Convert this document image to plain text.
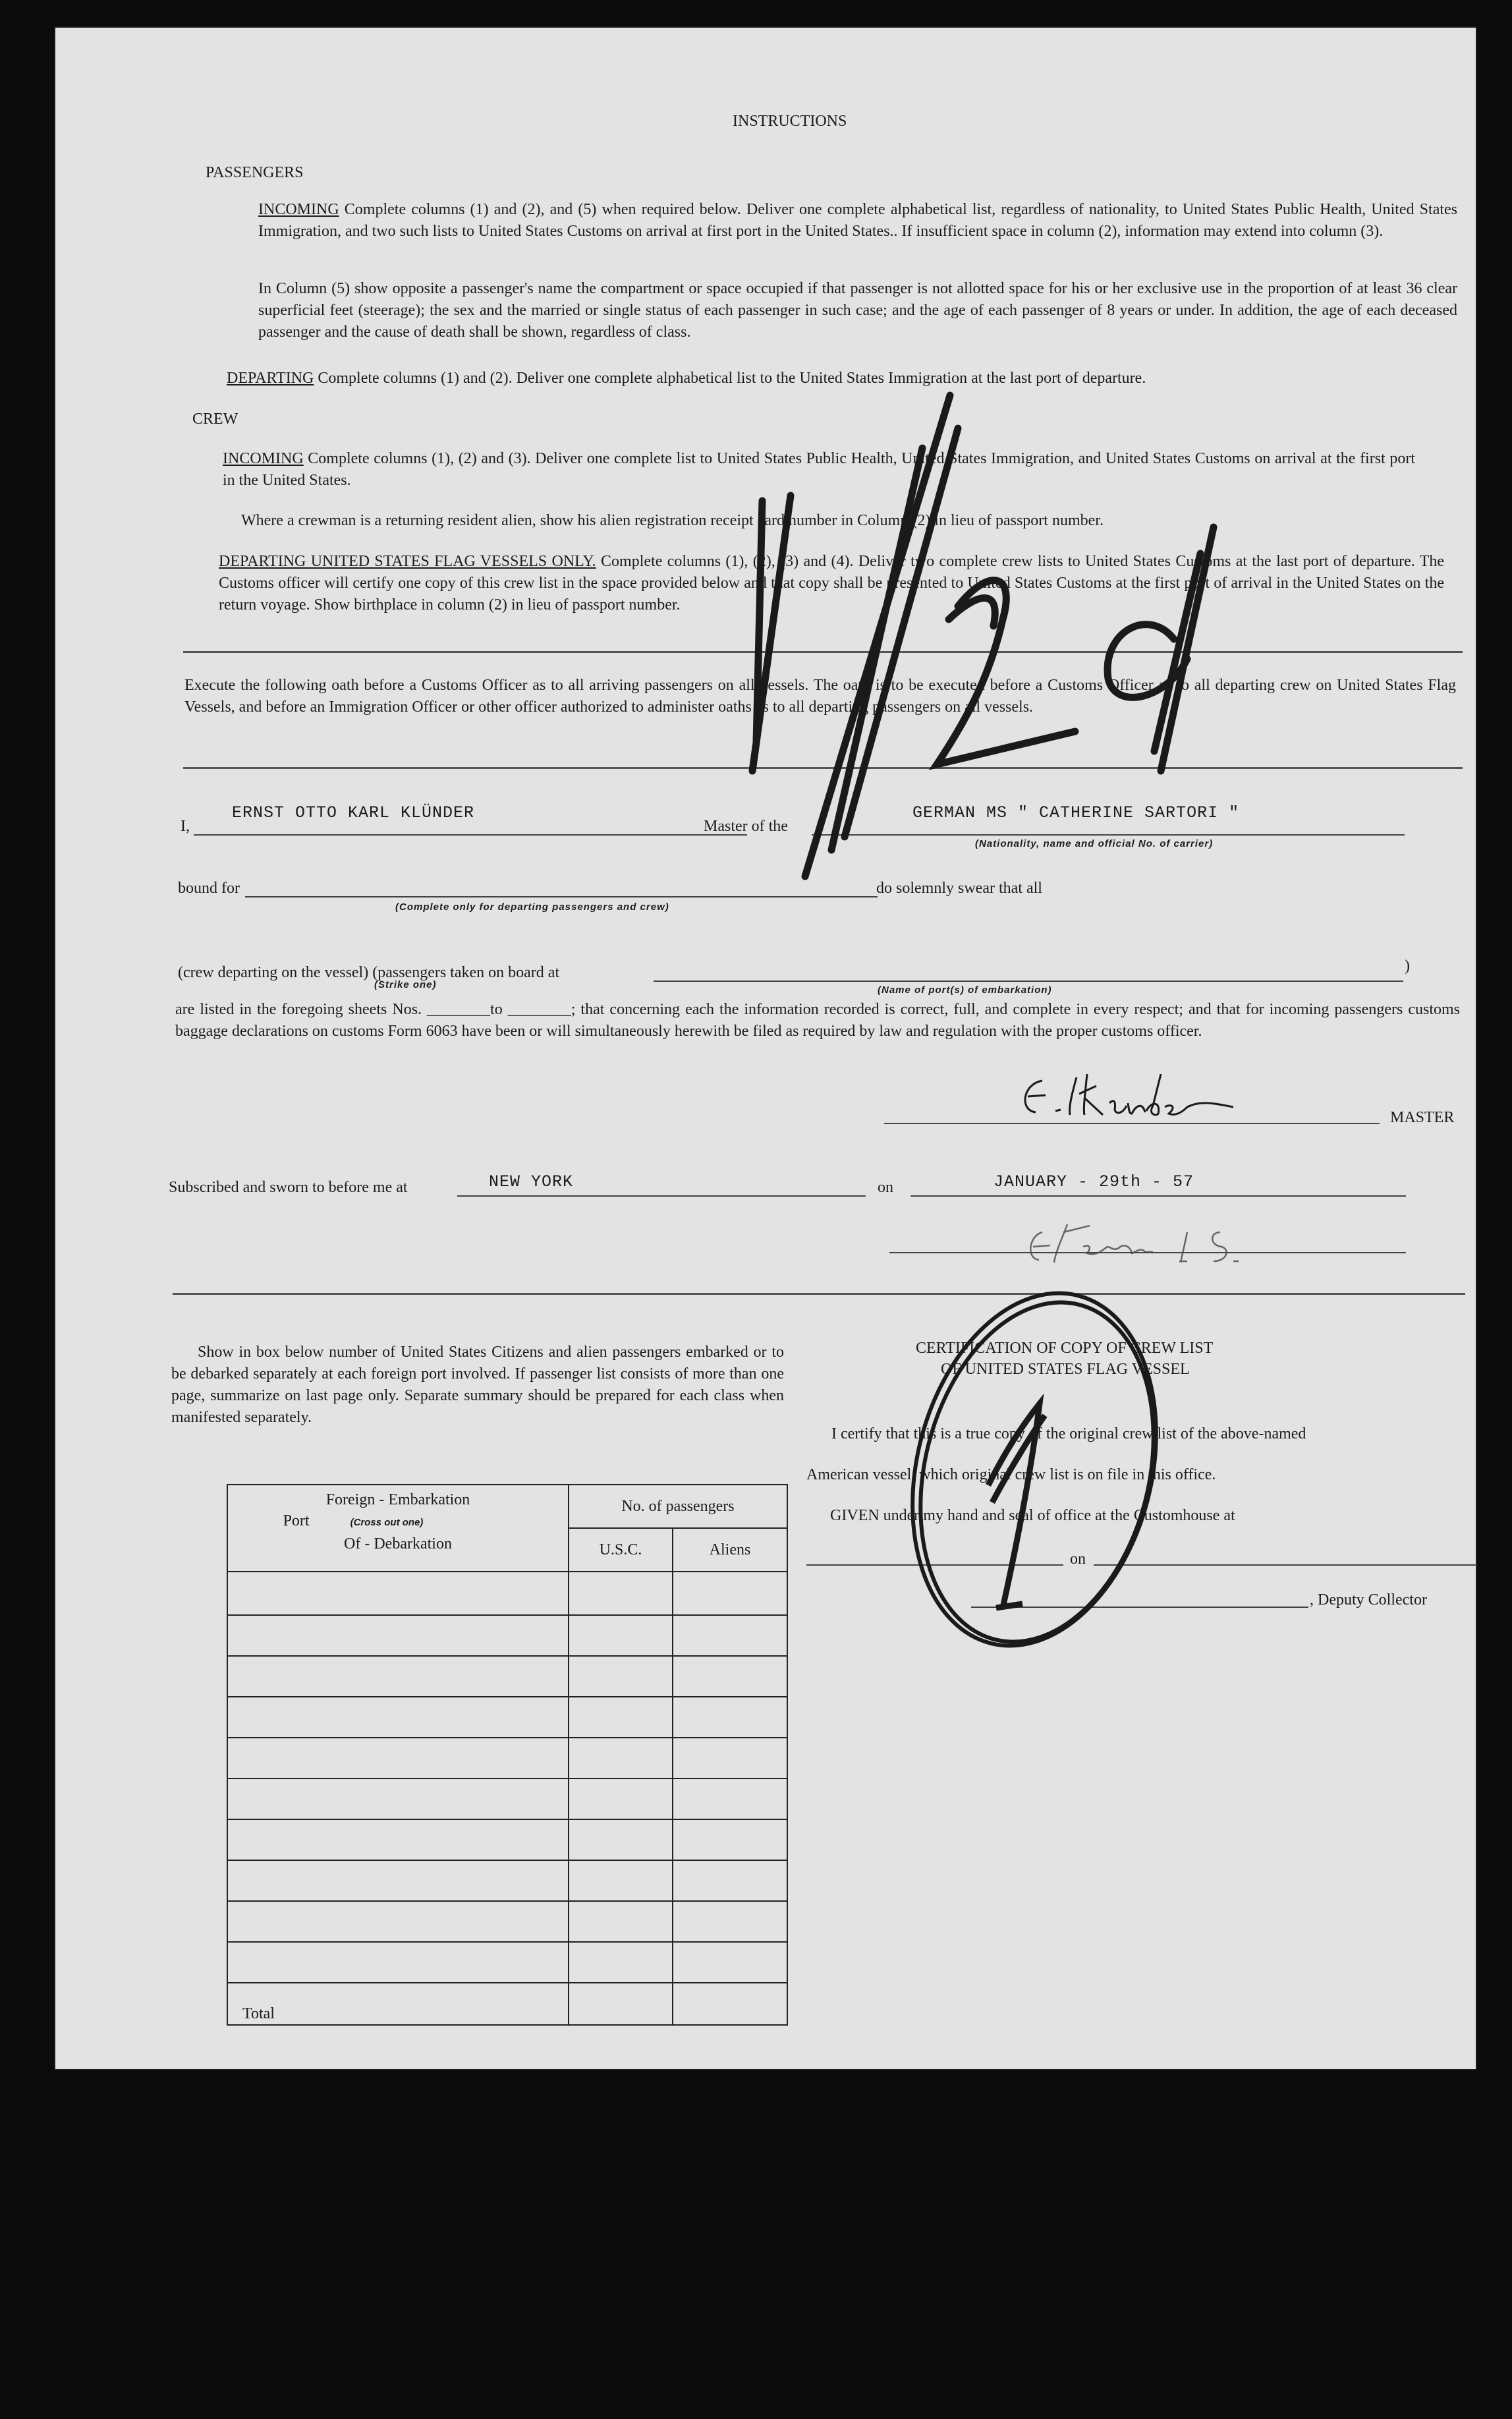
INSTRUCTIONS
PASSENGERS
INCOMING Complete columns (1) and (2), and (5) when required below. Deliver one complete alphabetical list, regardless of nationality, to United States Public Health, United States Immigration, and two such lists to United States Customs on arrival at first port in the United States.. If insufficient space in column (2), information may extend into column (3).
In Column (5) show opposite a passenger's name the compartment or space occupied if that passenger is not allotted space for his or her exclusive use in the proportion of at least 36 clear superficial feet (steerage); the sex and the married or single status of each passenger in such case; and the age of each passenger of 8 years or under. In addition, the age of each deceased passenger and the cause of death shall be shown, regardless of class.
DEPARTING Complete columns (1) and (2). Deliver one complete alphabetical list to the United States Immigration at the last port of departure.
CREW
INCOMING Complete columns (1), (2) and (3). Deliver one complete list to United States Public Health, United States Immigration, and United States Customs on arrival at the first port in the United States.
Where a crewman is a returning resident alien, show his alien registration receipt card number in Column (2) in lieu of passport number.
DEPARTING UNITED STATES FLAG VESSELS ONLY. Complete columns (1), (2), (3) and (4). Deliver two complete crew lists to United States Customs at the last port of departure. The Customs officer will certify one copy of this crew list in the space provided below and that copy shall be presented to United States Customs at the first port of arrival in the United States on the return voyage. Show birthplace in column (2) in lieu of passport number.
Execute the following oath before a Customs Officer as to all arriving passengers on all vessels. The oath is to be executed before a Customs Officer as to all departing crew on United States Flag Vessels, and before an Immigration Officer or other officer authorized to administer oaths as to all departing passengers on all vessels.
I,
ERNST OTTO KARL KLÜNDER
Master of the
GERMAN MS " CATHERINE SARTORI "
(Nationality, name and official No. of carrier)
bound for
(Complete only for departing passengers and crew)
do solemnly swear that all
(crew departing on the vessel) (passengers taken on board at
(Strike one)
)
(Name of port(s) of embarkation)
are listed in the foregoing sheets Nos. ________to ________; that concerning each the information recorded is correct, full, and complete in every respect; and that for incoming passengers customs baggage declarations on customs Form 6063 have been or will simultaneously herewith be filed as required by law and regulation with the proper customs officer.
MASTER
Subscribed and sworn to before me at	NEW YORK	on	JANUARY - 29th - 57
Show in box below number of United States Citizens and alien passengers embarked or to be debarked separately at each foreign port involved. If passenger list consists of more than one page, summarize on last page only. Separate summary should be prepared for each class when manifested separately.
Foreign - Embarkation
Port (Cross out one)
Of - Debarkation	No. of passengers	
	U.S.C.	Aliens

Total		
CERTIFICATION OF COPY OF CREW LIST
OF UNITED STATES FLAG VESSEL
I certify that this is a true copy of the original crew list of the above-named
American vessel, which original crew list is on file in this office.
GIVEN under my hand and seal of office at the Customhouse at
on
, Deputy Collector
